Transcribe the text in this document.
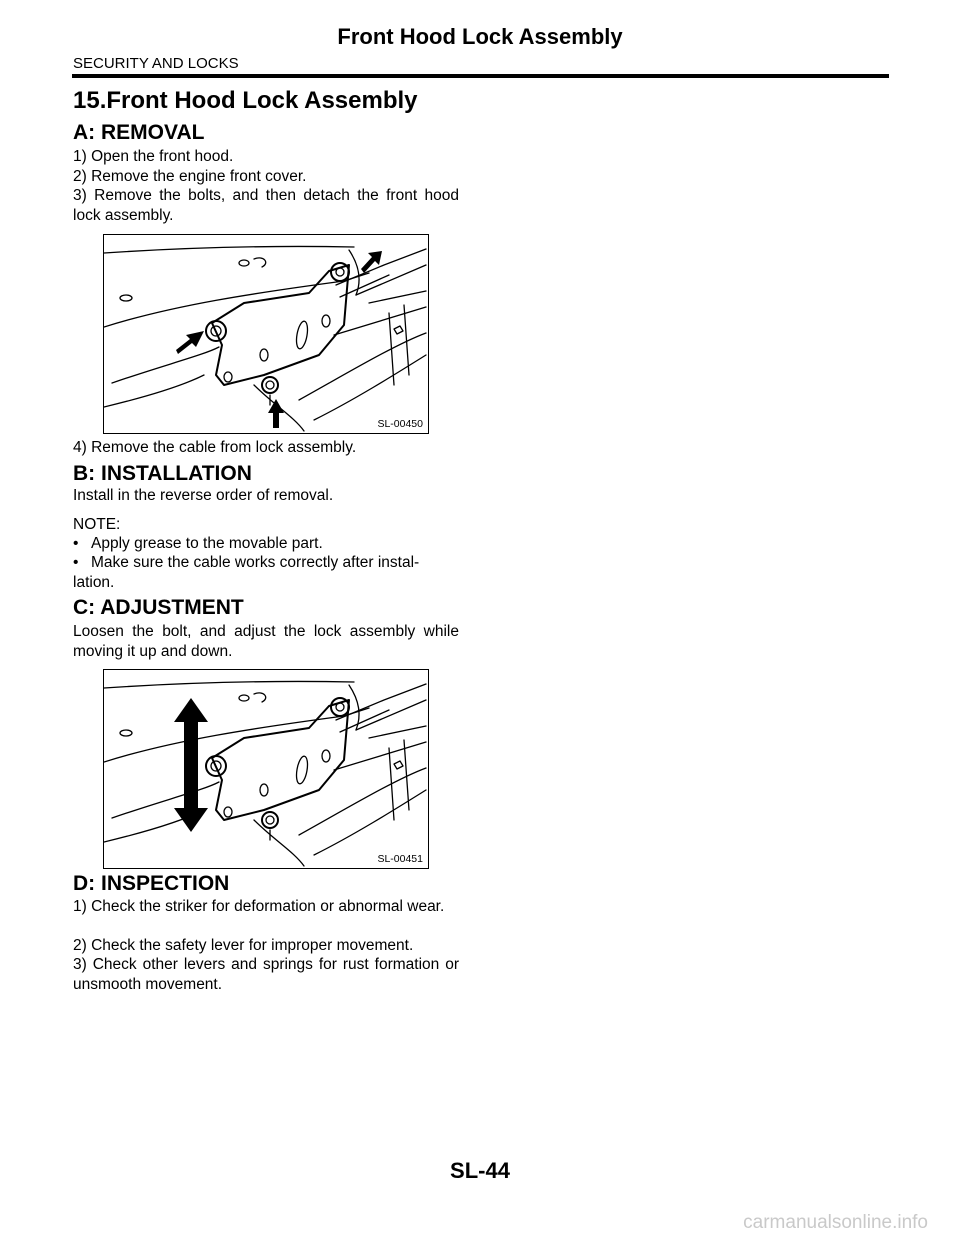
Front Hood Lock Assembly
SECURITY AND LOCKS
15.Front Hood Lock Assembly
A: REMOVAL
1) Open the front hood.
2) Remove the engine front cover.
3) Remove the bolts, and then detach the front hood lock assembly.
SL-00450
4) Remove the cable from lock assembly.
B: INSTALLATION
Install in the reverse order of removal.
NOTE:
• Apply grease to the movable part.
• Make sure the cable works correctly after instal- lation.
C: ADJUSTMENT
Loosen the bolt, and adjust the lock assembly while moving it up and down.
SL-00451
D: INSPECTION
1) Check the striker for deformation or abnormal wear.
2) Check the safety lever for improper movement.
3) Check other levers and springs for rust formation or unsmooth movement.
SL-44
carmanualsonline.info
